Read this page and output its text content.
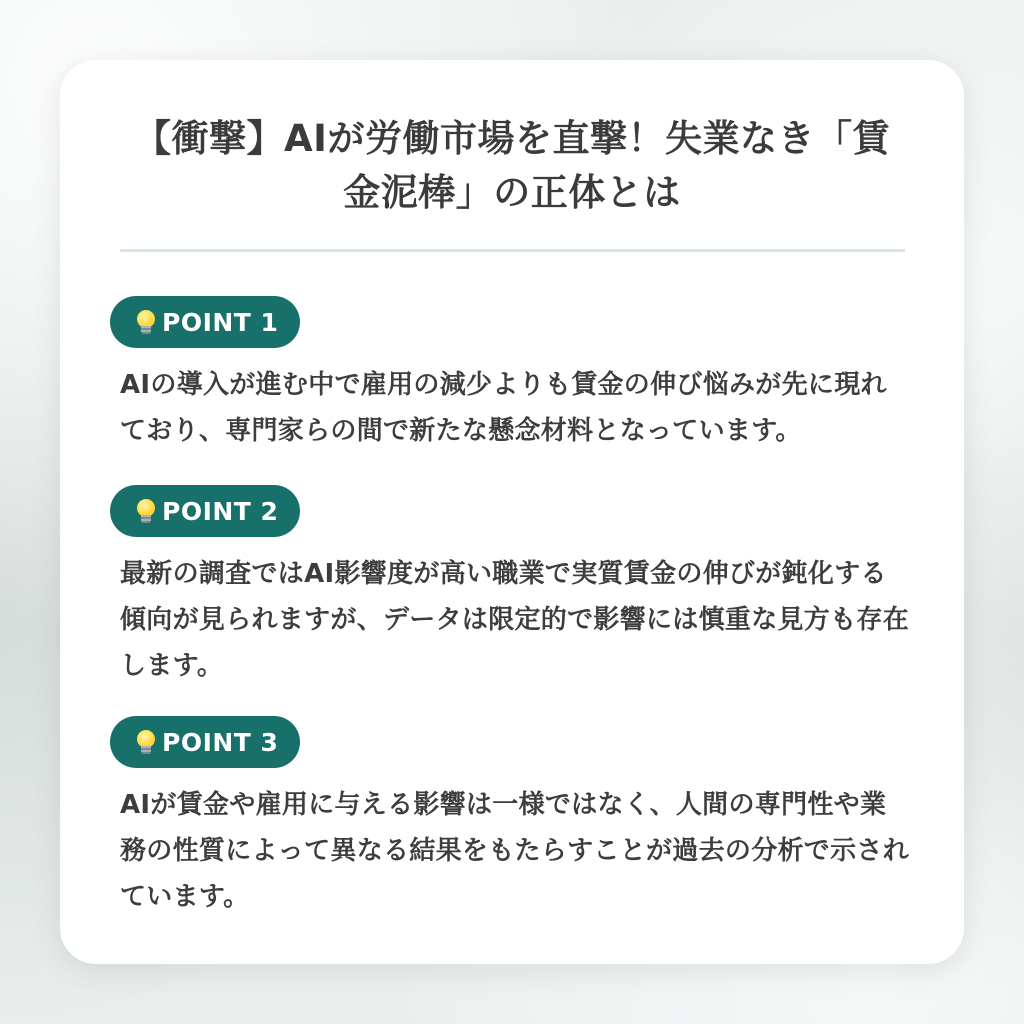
【衝撃】AIが労働市場を直撃！失業なき「賃金泥棒」の正体とは
POINT 1

AIの導入が進む中で雇用の減少よりも賃金の伸び悩みが先に現れており、専門家らの間で新たな懸念材料となっています。

POINT 2

最新の調査ではAI影響度が高い職業で実質賃金の伸びが鈍化する傾向が見られますが、データは限定的で影響には慎重な見方も存在します。

POINT 3

AIが賃金や雇用に与える影響は一様ではなく、人間の専門性や業務の性質によって異なる結果をもたらすことが過去の分析で示されています。
